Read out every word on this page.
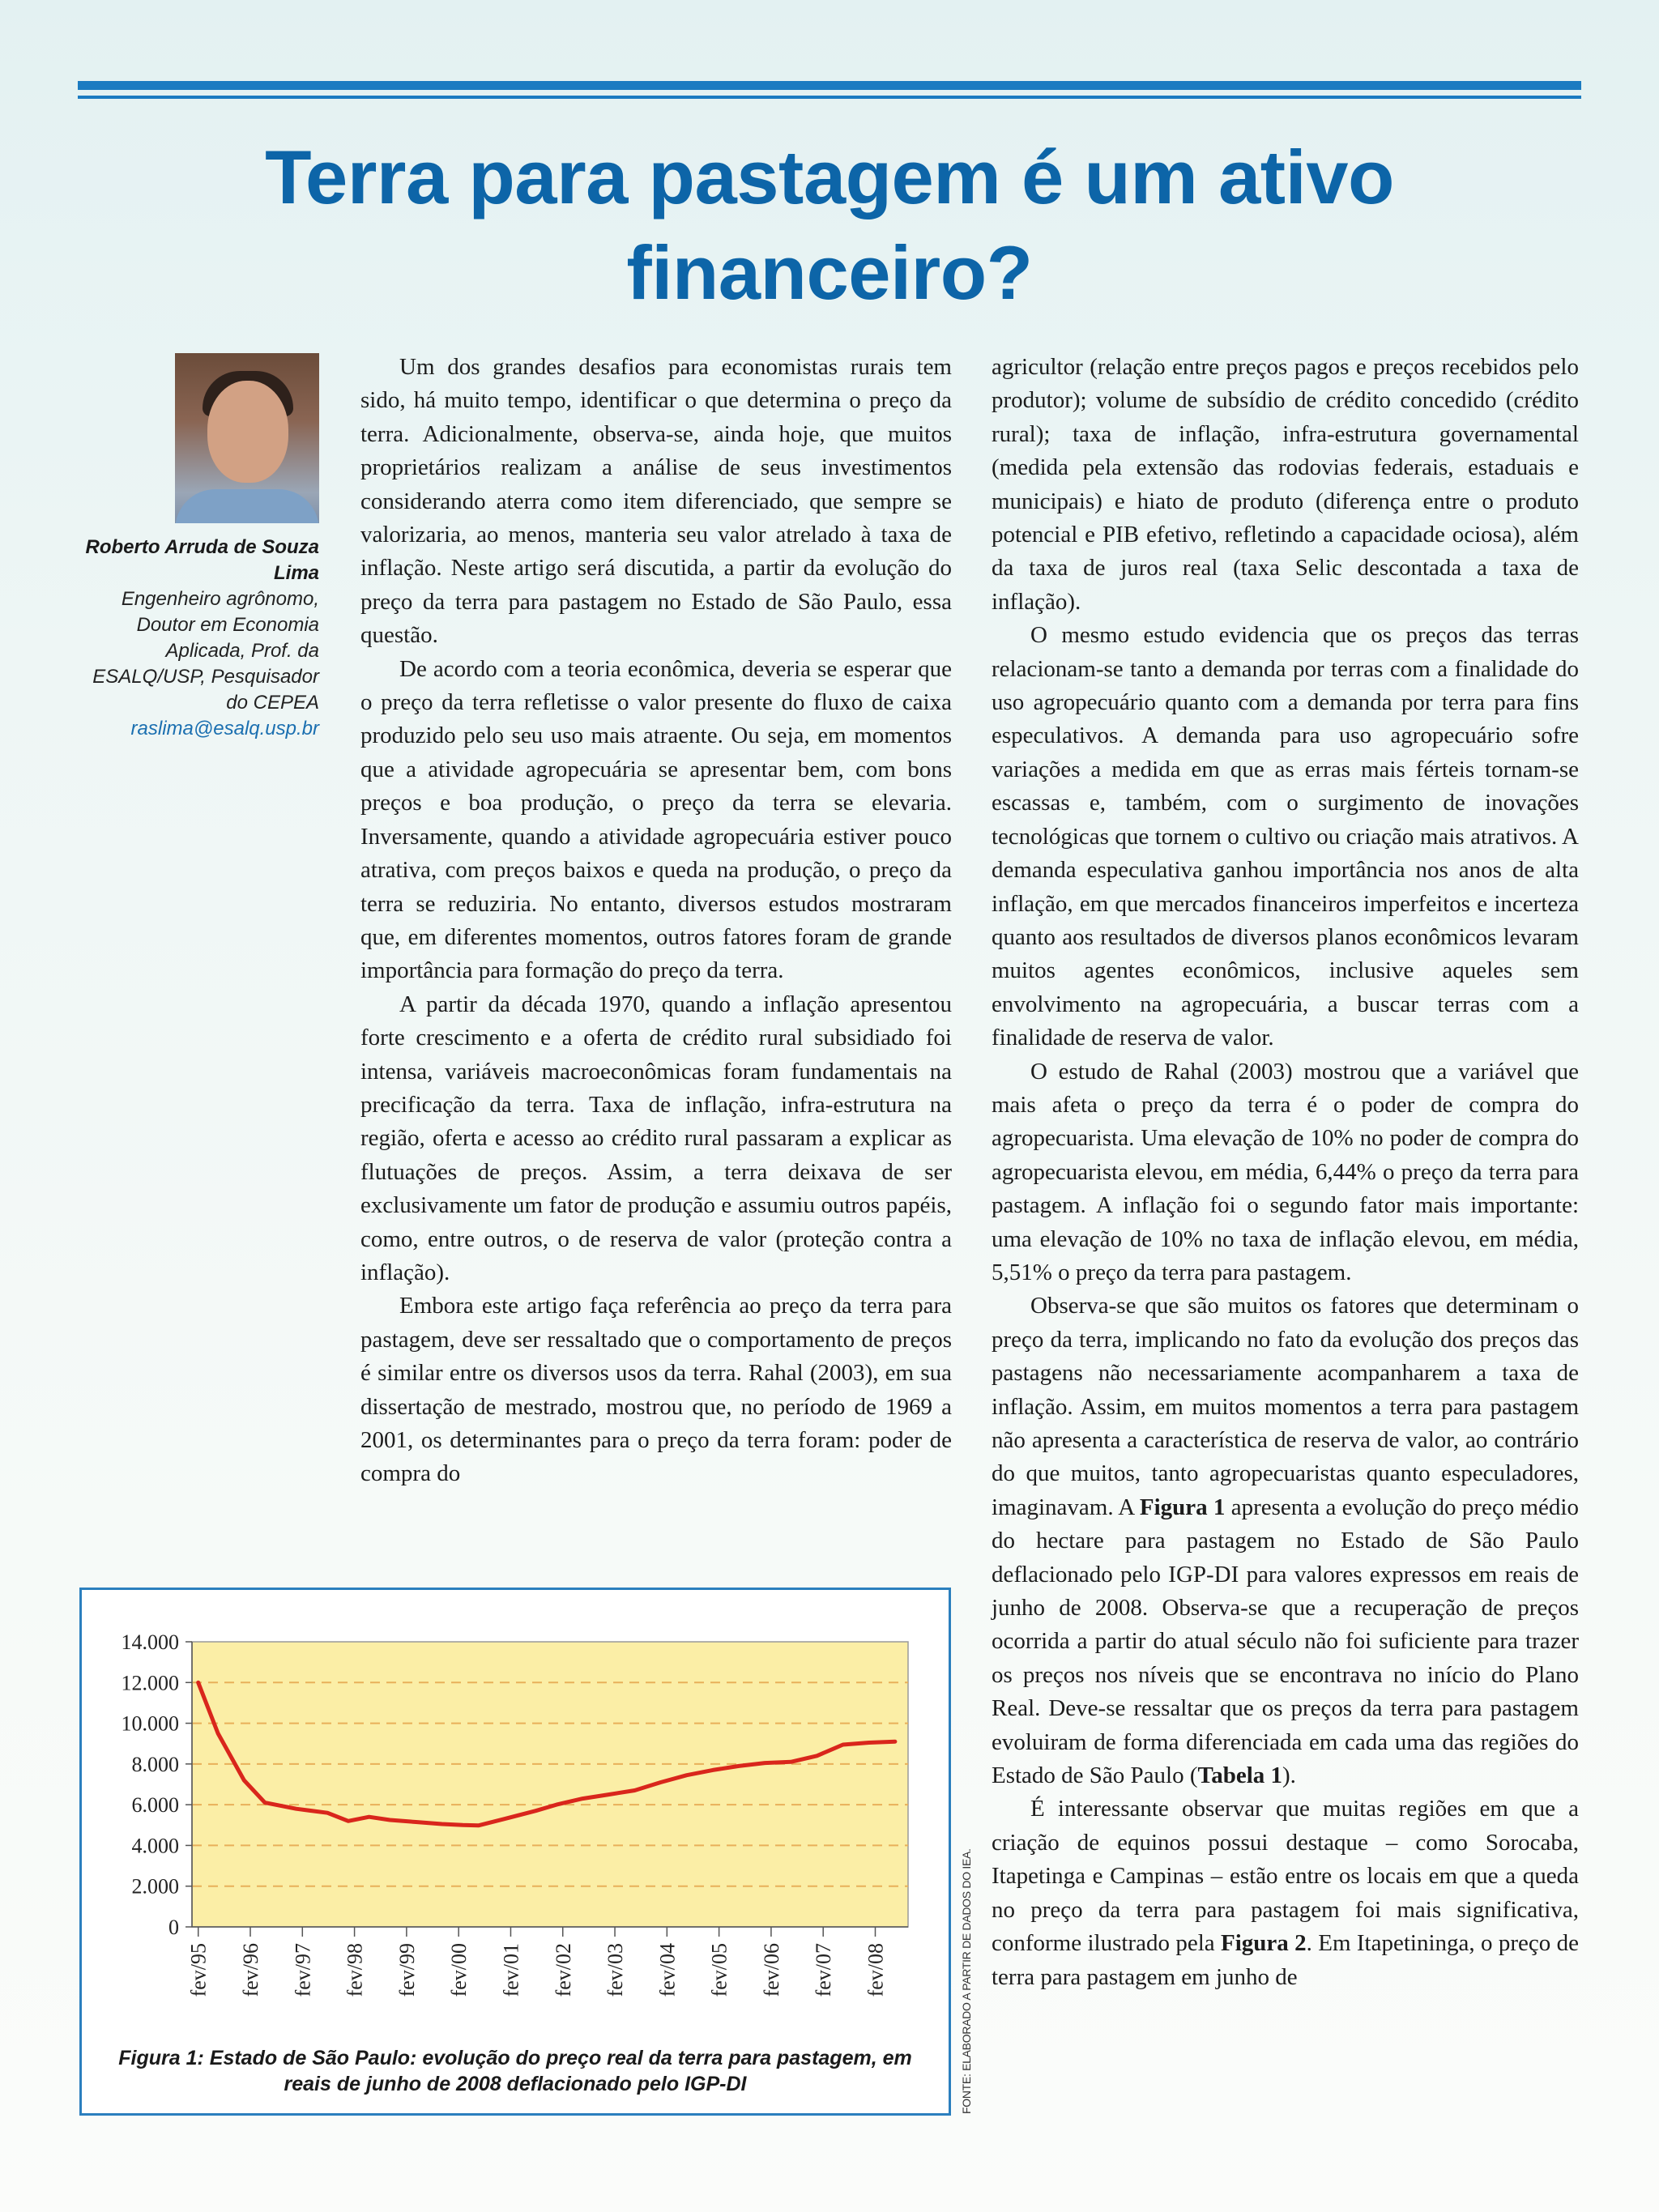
Terra para pastagem é um ativo financeiro?
Roberto Arruda de Souza Lima
Engenheiro agrônomo, Doutor em Economia Aplicada, Prof. da ESALQ/USP, Pesquisador do CEPEA
raslima@esalq.usp.br

Um dos grandes desafios para economistas rurais tem sido, há muito tempo, identificar o que determina o preço da terra. Adicionalmente, observa-se, ainda hoje, que muitos proprietários realizam a análise de seus investimentos considerando aterra como item diferenciado, que sempre se valorizaria, ao menos, manteria seu valor atrelado à taxa de inflação. Neste artigo será discutida, a partir da evolução do preço da terra para pastagem no Estado de São Paulo, essa questão.

De acordo com a teoria econômica, deveria se esperar que o preço da terra refletisse o valor presente do fluxo de caixa produzido pelo seu uso mais atraente. Ou seja, em momentos que a atividade agropecuária se apresentar bem, com bons preços e boa produção, o preço da terra se elevaria. Inversamente, quando a atividade agropecuária estiver pouco atrativa, com preços baixos e queda na produção, o preço da terra se reduziria. No entanto, diversos estudos mostraram que, em diferentes momentos, outros fatores foram de grande importância para formação do preço da terra.

A partir da década 1970, quando a inflação apresentou forte crescimento e a oferta de crédito rural subsidiado foi intensa, variáveis macroeconômicas foram fundamentais na precificação da terra. Taxa de inflação, infra-estrutura na região, oferta e acesso ao crédito rural passaram a explicar as flutuações de preços. Assim, a terra deixava de ser exclusivamente um fator de produção e assumiu outros papéis, como, entre outros, o de reserva de valor (proteção contra a inflação).

Embora este artigo faça referência ao preço da terra para pastagem, deve ser ressaltado que o comportamento de preços é similar entre os diversos usos da terra. Rahal (2003), em sua dissertação de mestrado, mostrou que, no período de 1969 a 2001, os determinantes para o preço da terra foram: poder de compra do

agricultor (relação entre preços pagos e preços recebidos pelo produtor); volume de subsídio de crédito concedido (crédito rural); taxa de inflação, infra-estrutura governamental (medida pela extensão das rodovias federais, estaduais e municipais) e hiato de produto (diferença entre o produto potencial e PIB efetivo, refletindo a capacidade ociosa), além da taxa de juros real (taxa Selic descontada a taxa de inflação).

O mesmo estudo evidencia que os preços das terras relacionam-se tanto a demanda por terras com a finalidade do uso agropecuário quanto com a demanda por terra para fins especulativos. A demanda para uso agropecuário sofre variações a medida em que as erras mais férteis tornam-se escassas e, também, com o surgimento de inovações tecnológicas que tornem o cultivo ou criação mais atrativos. A demanda especulativa ganhou importância nos anos de alta inflação, em que mercados financeiros imperfeitos e incerteza quanto aos resultados de diversos planos econômicos levaram muitos agentes econômicos, inclusive aqueles sem envolvimento na agropecuária, a buscar terras com a finalidade de reserva de valor.

O estudo de Rahal (2003) mostrou que a variável que mais afeta o preço da terra é o poder de compra do agropecuarista. Uma elevação de 10% no poder de compra do agropecuarista elevou, em média, 6,44% o preço da terra para pastagem. A inflação foi o segundo fator mais importante: uma elevação de 10% no taxa de inflação elevou, em média, 5,51% o preço da terra para pastagem.

Observa-se que são muitos os fatores que determinam o preço da terra, implicando no fato da evolução dos preços das pastagens não necessariamente acompanharem a taxa de inflação. Assim, em muitos momentos a terra para pastagem não apresenta a característica de reserva de valor, ao contrário do que muitos, tanto agropecuaristas quanto especuladores, imaginavam. A Figura 1 apresenta a evolução do preço médio do hectare para pastagem no Estado de São Paulo deflacionado pelo IGP-DI para valores expressos em reais de junho de 2008. Observa-se que a recuperação de preços ocorrida a partir do atual século não foi suficiente para trazer os preços nos níveis que se encontrava no início do Plano Real. Deve-se ressaltar que os preços da terra para pastagem evoluiram de forma diferenciada em cada uma das regiões do Estado de São Paulo (Tabela 1).

É interessante observar que muitas regiões em que a criação de equinos possui destaque – como Sorocaba, Itapetinga e Campinas – estão entre os locais em que a queda no preço da terra para pastagem foi mais significativa, conforme ilustrado pela Figura 2. Em Itapetininga, o preço de terra para pastagem em junho de

14.000
12.000
10.000
8.000
6.000
4.000
2.000
0
fev/95 fev/96 fev/97 fev/98 fev/99 fev/00 fev/01 fev/02 fev/03 fev/04 fev/05 fev/06 fev/07 fev/08
Figura 1: Estado de São Paulo: evolução do preço real da terra para pastagem, em reais de junho de 2008 deflacionado pelo IGP-DI	FONTE: ELABORADO A PARTIR DE DADOS DO IEA.
